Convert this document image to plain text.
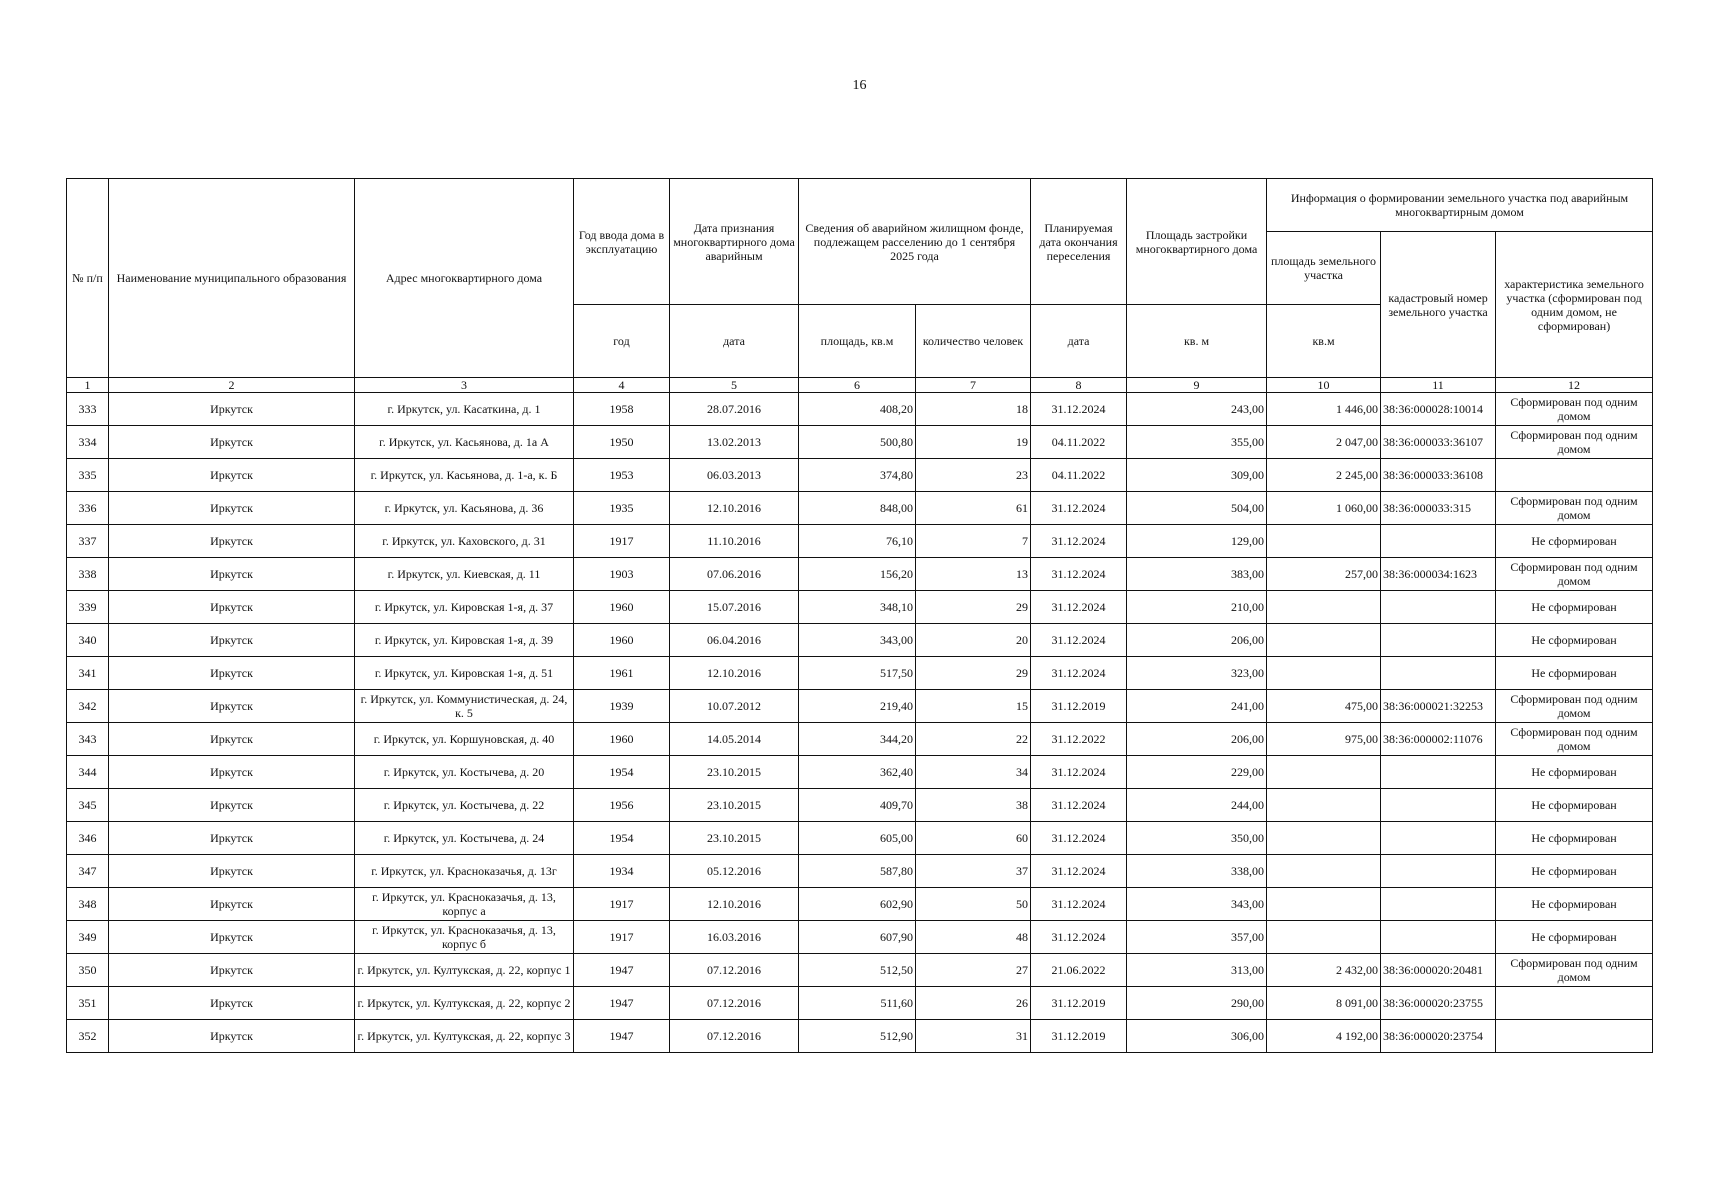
16
№ п/п	Наименование муниципального образования	Адрес многоквартирного дома	Год ввода дома в эксплуатацию	Дата признания многоквартирного дома аварийным	Сведения об аварийном жилищном фонде, подлежащем расселению до 1 сентября 2025 года		Планируемая дата окончания переселения	Площадь застройки многоквартирного дома	Информация о формировании земельного участка под аварийным многоквартирным домом		
									площадь земельного участка	кадастровый номер земельного участка	характеристика земельного участка (сформирован под одним домом, не сформирован)
			год	дата	площадь, кв.м	количество человек	дата	кв. м	кв.м		
1	2	3	4	5	6	7	8	9	10	11	12
333	Иркутск	г. Иркутск, ул. Касаткина, д. 1	1958	28.07.2016	408,20	18	31.12.2024	243,00	1 446,00	38:36:000028:10014	Сформирован под одним домом
334	Иркутск	г. Иркутск, ул. Касьянова, д. 1а А	1950	13.02.2013	500,80	19	04.11.2022	355,00	2 047,00	38:36:000033:36107	Сформирован под одним домом
335	Иркутск	г. Иркутск, ул. Касьянова, д. 1-а, к. Б	1953	06.03.2013	374,80	23	04.11.2022	309,00	2 245,00	38:36:000033:36108	
336	Иркутск	г. Иркутск, ул. Касьянова, д. 36	1935	12.10.2016	848,00	61	31.12.2024	504,00	1 060,00	38:36:000033:315	Сформирован под одним домом
337	Иркутск	г. Иркутск, ул. Каховского, д. 31	1917	11.10.2016	76,10	7	31.12.2024	129,00			Не сформирован
338	Иркутск	г. Иркутск, ул. Киевская, д. 11	1903	07.06.2016	156,20	13	31.12.2024	383,00	257,00	38:36:000034:1623	Сформирован под одним домом
339	Иркутск	г. Иркутск, ул. Кировская 1-я, д. 37	1960	15.07.2016	348,10	29	31.12.2024	210,00			Не сформирован
340	Иркутск	г. Иркутск, ул. Кировская 1-я, д. 39	1960	06.04.2016	343,00	20	31.12.2024	206,00			Не сформирован
341	Иркутск	г. Иркутск, ул. Кировская 1-я, д. 51	1961	12.10.2016	517,50	29	31.12.2024	323,00			Не сформирован
342	Иркутск	г. Иркутск, ул. Коммунистическая, д. 24, к. 5	1939	10.07.2012	219,40	15	31.12.2019	241,00	475,00	38:36:000021:32253	Сформирован под одним домом
343	Иркутск	г. Иркутск, ул. Коршуновская, д. 40	1960	14.05.2014	344,20	22	31.12.2022	206,00	975,00	38:36:000002:11076	Сформирован под одним домом
344	Иркутск	г. Иркутск, ул. Костычева, д. 20	1954	23.10.2015	362,40	34	31.12.2024	229,00			Не сформирован
345	Иркутск	г. Иркутск, ул. Костычева, д. 22	1956	23.10.2015	409,70	38	31.12.2024	244,00			Не сформирован
346	Иркутск	г. Иркутск, ул. Костычева, д. 24	1954	23.10.2015	605,00	60	31.12.2024	350,00			Не сформирован
347	Иркутск	г. Иркутск, ул. Красноказачья, д. 13г	1934	05.12.2016	587,80	37	31.12.2024	338,00			Не сформирован
348	Иркутск	г. Иркутск, ул. Красноказачья, д. 13, корпус а	1917	12.10.2016	602,90	50	31.12.2024	343,00			Не сформирован
349	Иркутск	г. Иркутск, ул. Красноказачья, д. 13, корпус б	1917	16.03.2016	607,90	48	31.12.2024	357,00			Не сформирован
350	Иркутск	г. Иркутск, ул. Култукская, д. 22, корпус 1	1947	07.12.2016	512,50	27	21.06.2022	313,00	2 432,00	38:36:000020:20481	Сформирован под одним домом
351	Иркутск	г. Иркутск, ул. Култукская, д. 22, корпус 2	1947	07.12.2016	511,60	26	31.12.2019	290,00	8 091,00	38:36:000020:23755	
352	Иркутск	г. Иркутск, ул. Култукская, д. 22, корпус 3	1947	07.12.2016	512,90	31	31.12.2019	306,00	4 192,00	38:36:000020:23754	
